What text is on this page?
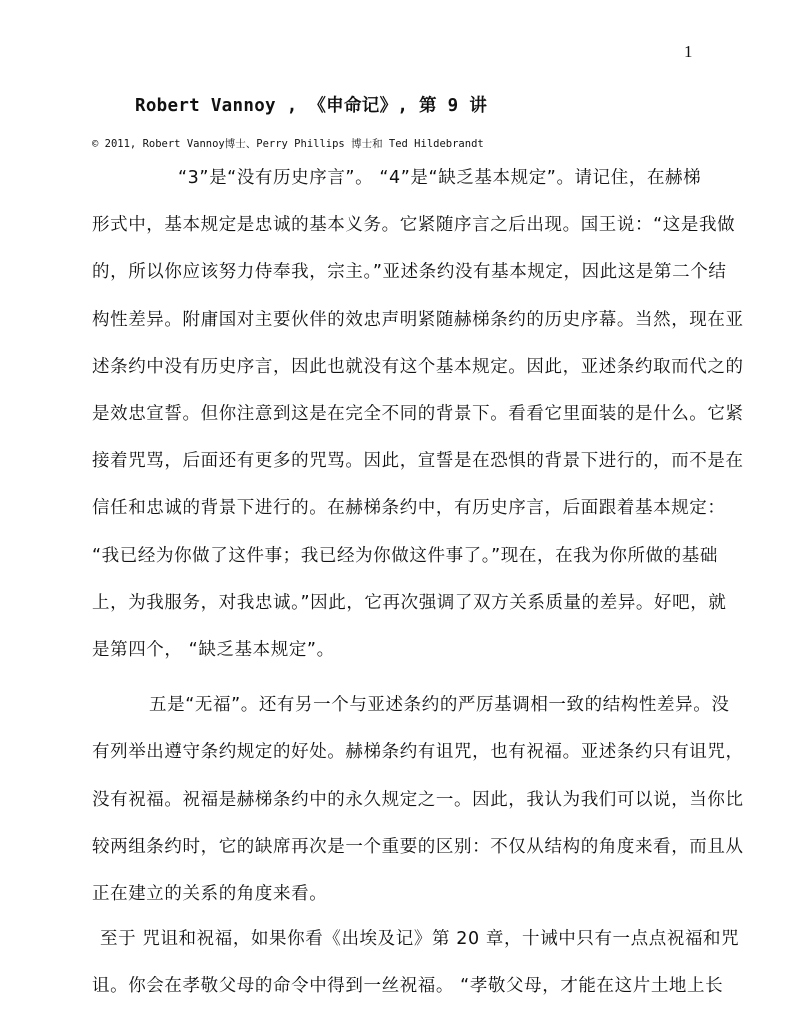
1
Robert Vannoy , 《申命记》, 第 9 讲
© 2011, Robert Vannoy博士、Perry Phillips 博士和 Ted Hildebrandt
“3”是“没有历史序言”。 “4”是“缺乏基本规定”。请记住，在赫梯
形式中，基本规定是忠诚的基本义务。它紧随序言之后出现。国王说：“这是我做
的，所以你应该努力侍奉我，宗主。”亚述条约没有基本规定，因此这是第二个结
构性差异。附庸国对主要伙伴的效忠声明紧随赫梯条约的历史序幕。当然，现在亚
述条约中没有历史序言，因此也就没有这个基本规定。因此，亚述条约取而代之的
是效忠宣誓。但你注意到这是在完全不同的背景下。看看它里面装的是什么。它紧
接着咒骂，后面还有更多的咒骂。因此，宣誓是在恐惧的背景下进行的，而不是在
信任和忠诚的背景下进行的。在赫梯条约中，有历史序言，后面跟着基本规定：
“我已经为你做了这件事；我已经为你做这件事了。”现在，在我为你所做的基础
上，为我服务，对我忠诚。”因此，它再次强调了双方关系质量的差异。好吧，就
是第四个， “缺乏基本规定”。
五是“无福”。还有另一个与亚述条约的严厉基调相一致的结构性差异。没
有列举出遵守条约规定的好处。赫梯条约有诅咒，也有祝福。亚述条约只有诅咒，
没有祝福。祝福是赫梯条约中的永久规定之一。因此，我认为我们可以说，当你比
较两组条约时，它的缺席再次是一个重要的区别：不仅从结构的角度来看，而且从
正在建立的关系的角度来看。
至于 咒诅和祝福，如果你看《出埃及记》第 20 章，十诫中只有一点点祝福和咒
诅。你会在孝敬父母的命令中得到一丝祝福。 “孝敬父母，才能在这片土地上长
